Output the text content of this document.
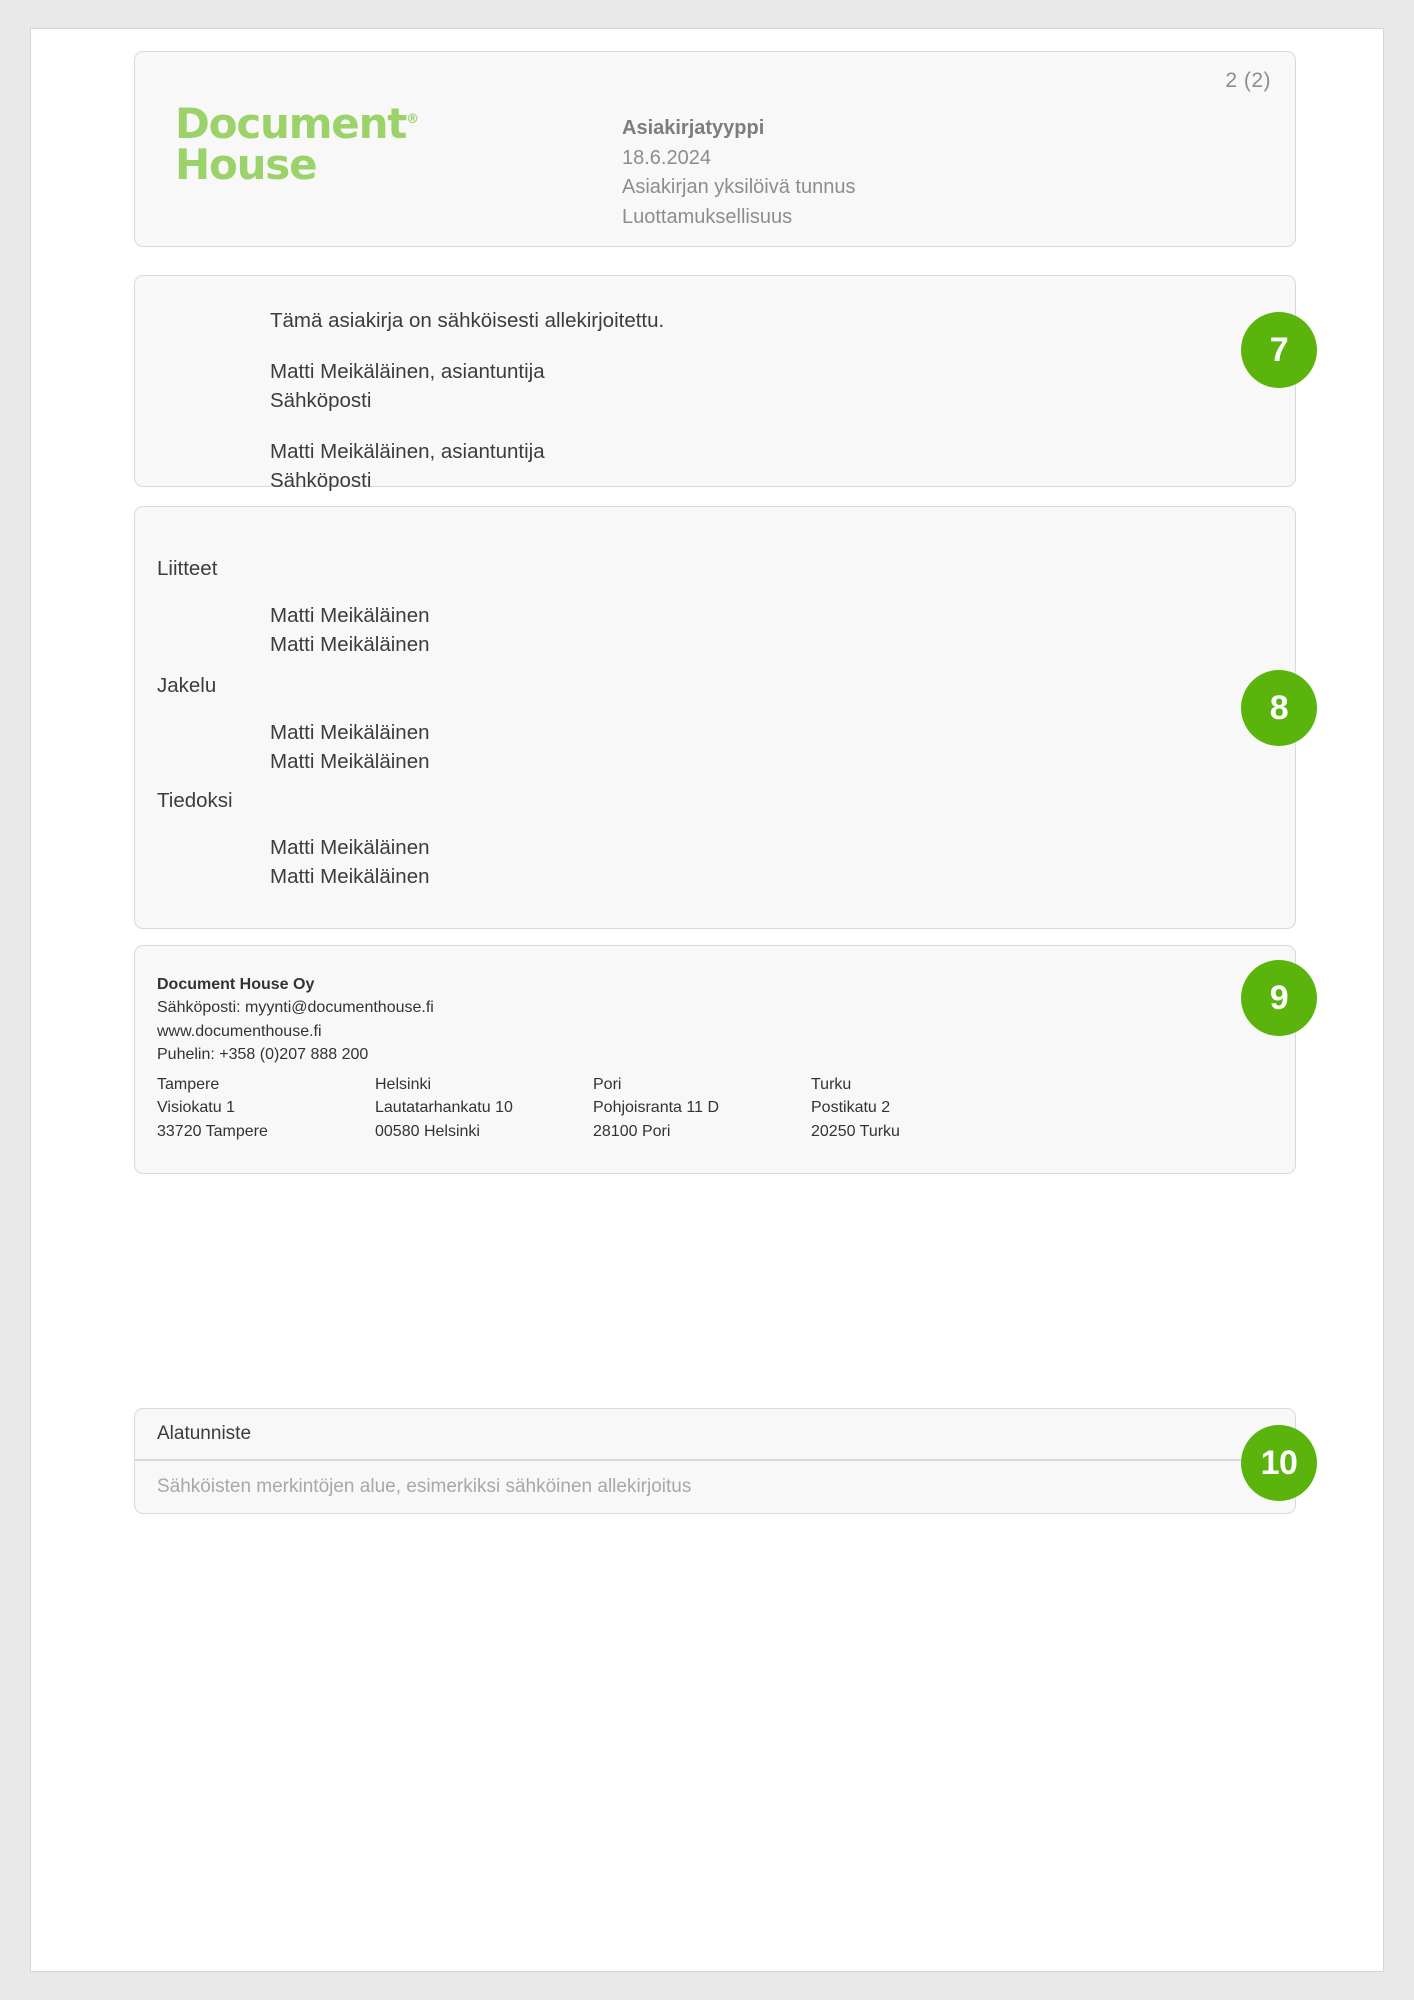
2 (2)
Document®
House
Asiakirjatyyppi
18.6.2024
Asiakirjan yksilöivä tunnus
Luottamuksellisuus
Tämä asiakirja on sähköisesti allekirjoitettu.
Matti Meikäläinen, asiantuntija
Sähköposti
Matti Meikäläinen, asiantuntija
Sähköposti
Liitteet
Matti Meikäläinen
Matti Meikäläinen
Jakelu
Matti Meikäläinen
Matti Meikäläinen
Tiedoksi
Matti Meikäläinen
Matti Meikäläinen
Document House Oy
Sähköposti: myynti@documenthouse.fi
www.documenthouse.fi
Puhelin: +358 (0)207 888 200
Tampere
Visiokatu 1
33720 Tampere
Helsinki
Lautatarhankatu 10
00580 Helsinki
Pori
Pohjoisranta 11 D
28100 Pori
Turku
Postikatu 2
20250 Turku
Alatunniste
Sähköisten merkintöjen alue, esimerkiksi sähköinen allekirjoitus
7
8
9
10
